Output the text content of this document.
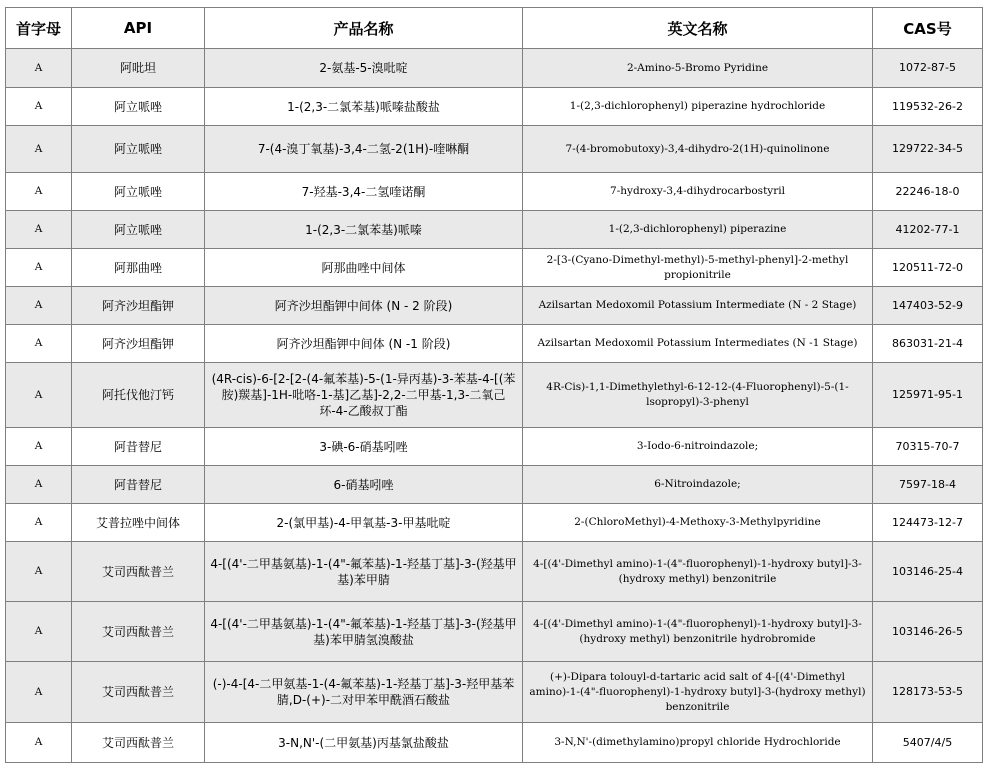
首字母	API	产品名称	英文名称	CAS号
A	阿吡坦	2-氨基-5-溴吡啶	2-Amino-5-Bromo Pyridine	1072-87-5
A	阿立哌唑	1-(2,3-二氯苯基)哌嗪盐酸盐	1-(2,3-dichlorophenyl) piperazine hydrochloride	119532-26-2
A	阿立哌唑	7-(4-溴丁氧基)-3,4-二氢-2(1H)-喹啉酮	7-(4-bromobutoxy)-3,4-dihydro-2(1H)-quinolinone	129722-34-5
A	阿立哌唑	7-羟基-3,4-二氢喹诺酮	7-hydroxy-3,4-dihydrocarbostyril	22246-18-0
A	阿立哌唑	1-(2,3-二氯苯基)哌嗪	1-(2,3-dichlorophenyl) piperazine	41202-77-1
A	阿那曲唑	阿那曲唑中间体	2-[3-(Cyano-Dimethyl-methyl)-5-methyl-phenyl]-2-methyl propionitrile	120511-72-0
A	阿齐沙坦酯钾	阿齐沙坦酯钾中间体 (N - 2 阶段)	Azilsartan Medoxomil Potassium Intermediate (N - 2 Stage)	147403-52-9
A	阿齐沙坦酯钾	阿齐沙坦酯钾中间体 (N -1 阶段)	Azilsartan Medoxomil Potassium Intermediates (N -1 Stage)	863031-21-4
A	阿托伐他汀钙	(4R-cis)-6-[2-[2-(4-氟苯基)-5-(1-异丙基)-3-苯基-4-[(苯胺)羰基]-1H-吡咯-1-基]乙基]-2,2-二甲基-1,3-二氧己环-4-乙酸叔丁酯	4R-Cis)-1,1-Dimethylethyl-6-12-12-(4-Fluorophenyl)-5-(1-lsopropyl)-3-phenyl	125971-95-1
A	阿昔替尼	3-碘-6-硝基吲唑	3-Iodo-6-nitroindazole;	70315-70-7
A	阿昔替尼	6-硝基吲唑	6-Nitroindazole;	7597-18-4
A	艾普拉唑中间体	2-(氯甲基)-4-甲氧基-3-甲基吡啶	2-(ChloroMethyl)-4-Methoxy-3-Methylpyridine	124473-12-7
A	艾司西酞普兰	4-[(4'-二甲基氨基)-1-(4"-氟苯基)-1-羟基丁基]-3-(羟基甲基)苯甲腈	4-[(4'-Dimethyl amino)-1-(4"-fluorophenyl)-1-hydroxy butyl]-3-(hydroxy methyl) benzonitrile	103146-25-4
A	艾司西酞普兰	4-[(4'-二甲基氨基)-1-(4"-氟苯基)-1-羟基丁基]-3-(羟基甲基)苯甲腈氢溴酸盐	4-[(4'-Dimethyl amino)-1-(4"-fluorophenyl)-1-hydroxy butyl]-3-(hydroxy methyl) benzonitrile hydrobromide	103146-26-5
A	艾司西酞普兰	(-)-4-[4-二甲氨基-1-(4-氟苯基)-1-羟基丁基]-3-羟甲基苯腈,D-(+)-二对甲苯甲酰酒石酸盐	(+)-Dipara tolouyl-d-tartaric acid salt of 4-[(4'-Dimethyl amino)-1-(4"-fluorophenyl)-1-hydroxy butyl]-3-(hydroxy methyl) benzonitrile	128173-53-5
A	艾司西酞普兰	3-N,N'-(二甲氨基)丙基氯盐酸盐	3-N,N'-(dimethylamino)propyl chloride Hydrochloride	5407/4/5
